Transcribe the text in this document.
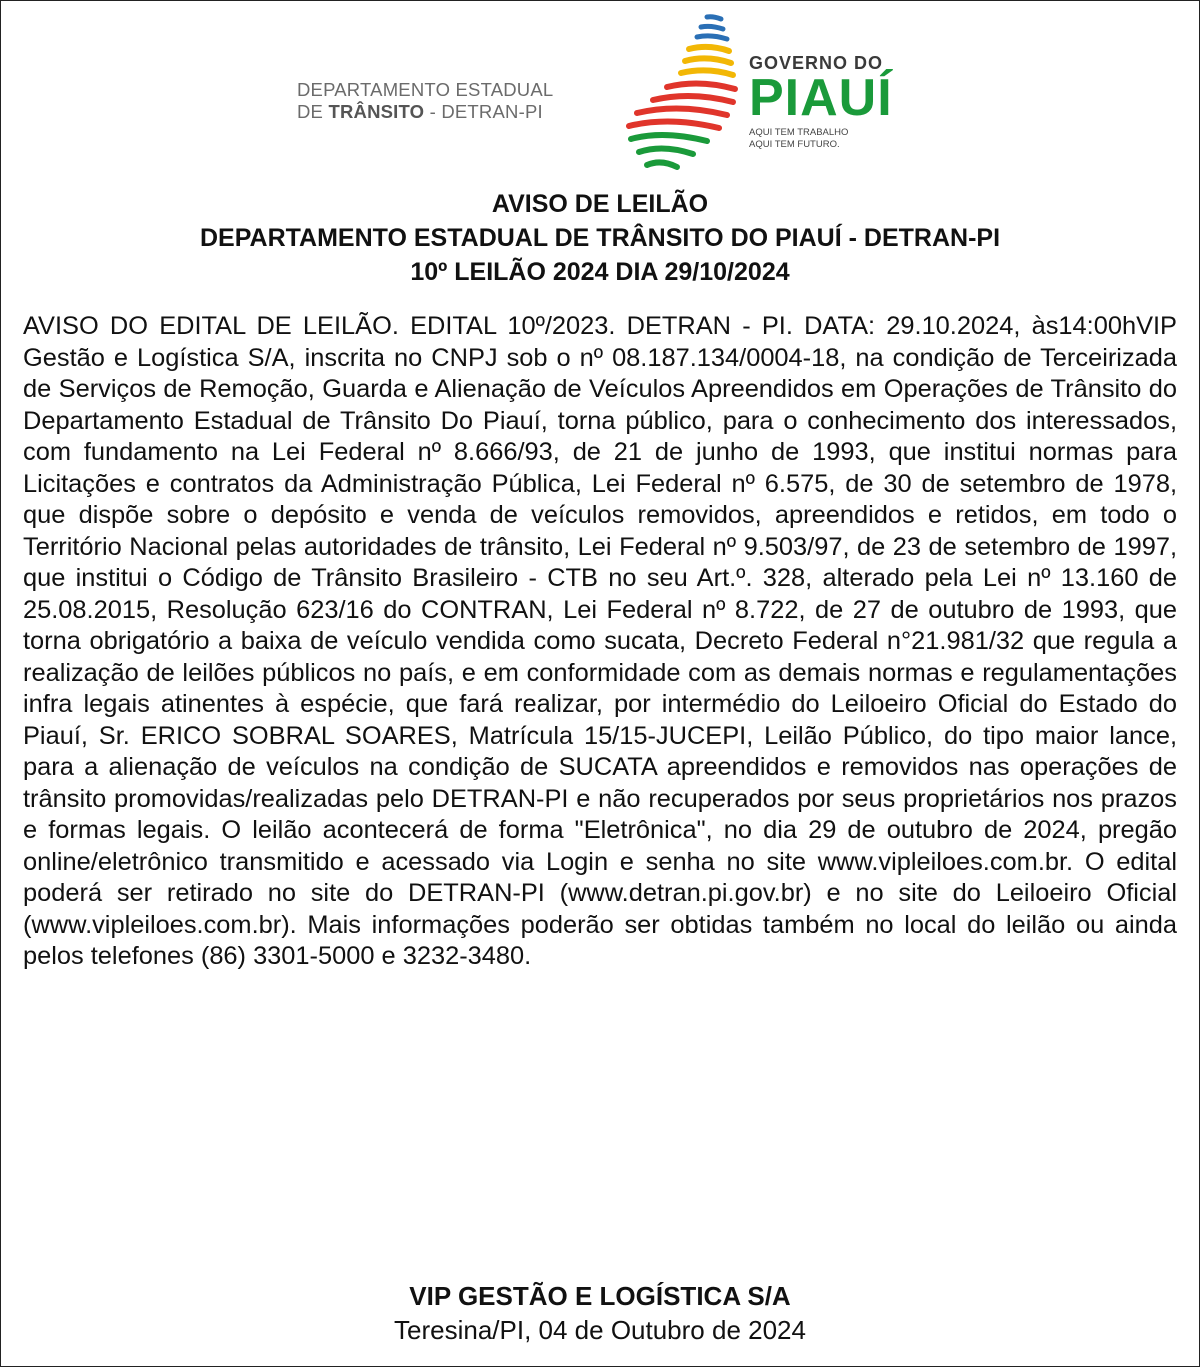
DEPARTAMENTO ESTADUAL
DE TRÂNSITO - DETRAN-PI
GOVERNO DO
PIAUÍ
AQUI TEM TRABALHO
AQUI TEM FUTURO.
AVISO DE LEILÃO
DEPARTAMENTO ESTADUAL DE TRÂNSITO DO PIAUÍ - DETRAN-PI
10º LEILÃO 2024 DIA 29/10/2024
AVISO DO EDITAL DE LEILÃO. EDITAL 10º/2023. DETRAN - PI. DATA: 29.10.2024, às14:00hVIP Gestão e Logística S/A, inscrita no CNPJ sob o nº 08.187.134/0004-18, na condição de Terceirizada de Serviços de Remoção, Guarda e Alienação de Veículos Apreendidos em Operações de Trânsito do Departamento Estadual de Trânsito Do Piauí, torna público, para o conhecimento dos interessados, com fundamento na Lei Federal nº 8.666/93, de 21 de junho de 1993, que institui normas para Licitações e contratos da Administração Pública, Lei Federal nº 6.575, de 30 de setembro de 1978, que dispõe sobre o depósito e venda de veículos removidos, apreendidos e retidos, em todo o Território Nacional pelas autoridades de trânsito, Lei Federal nº 9.503/97, de 23 de setembro de 1997, que institui o Código de Trânsito Brasileiro - CTB no seu Art.º. 328, alterado pela Lei nº 13.160 de 25.08.2015, Resolução 623/16 do CONTRAN, Lei Federal nº 8.722, de 27 de outubro de 1993, que torna obrigatório a baixa de veículo vendida como sucata, Decreto Federal n°21.981/32 que regula a realização de leilões públicos no país, e em conformidade com as demais normas e regulamentações infra legais atinentes à espécie, que fará realizar, por intermédio do Leiloeiro Oficial do Estado do Piauí, Sr. ERICO SOBRAL SOARES, Matrícula 15/15-JUCEPI, Leilão Público, do tipo maior lance, para a alienação de veículos na condição de SUCATA apreendidos e removidos nas operações de trânsito promovidas/realizadas pelo DETRAN-PI e não recuperados por seus proprietários nos prazos e formas legais. O leilão acontecerá de forma "Eletrônica", no dia 29 de outubro de 2024, pregão online/eletrônico transmitido e acessado via Login e senha no site www.vipleiloes.com.br. O edital poderá ser retirado no site do DETRAN-PI (www.detran.pi.gov.br) e no site do Leiloeiro Oficial (www.vipleiloes.com.br). Mais informações poderão ser obtidas também no local do leilão ou ainda pelos telefones (86) 3301-5000 e 3232-3480.
VIP GESTÃO E LOGÍSTICA S/A
Teresina/PI, 04 de Outubro de 2024
